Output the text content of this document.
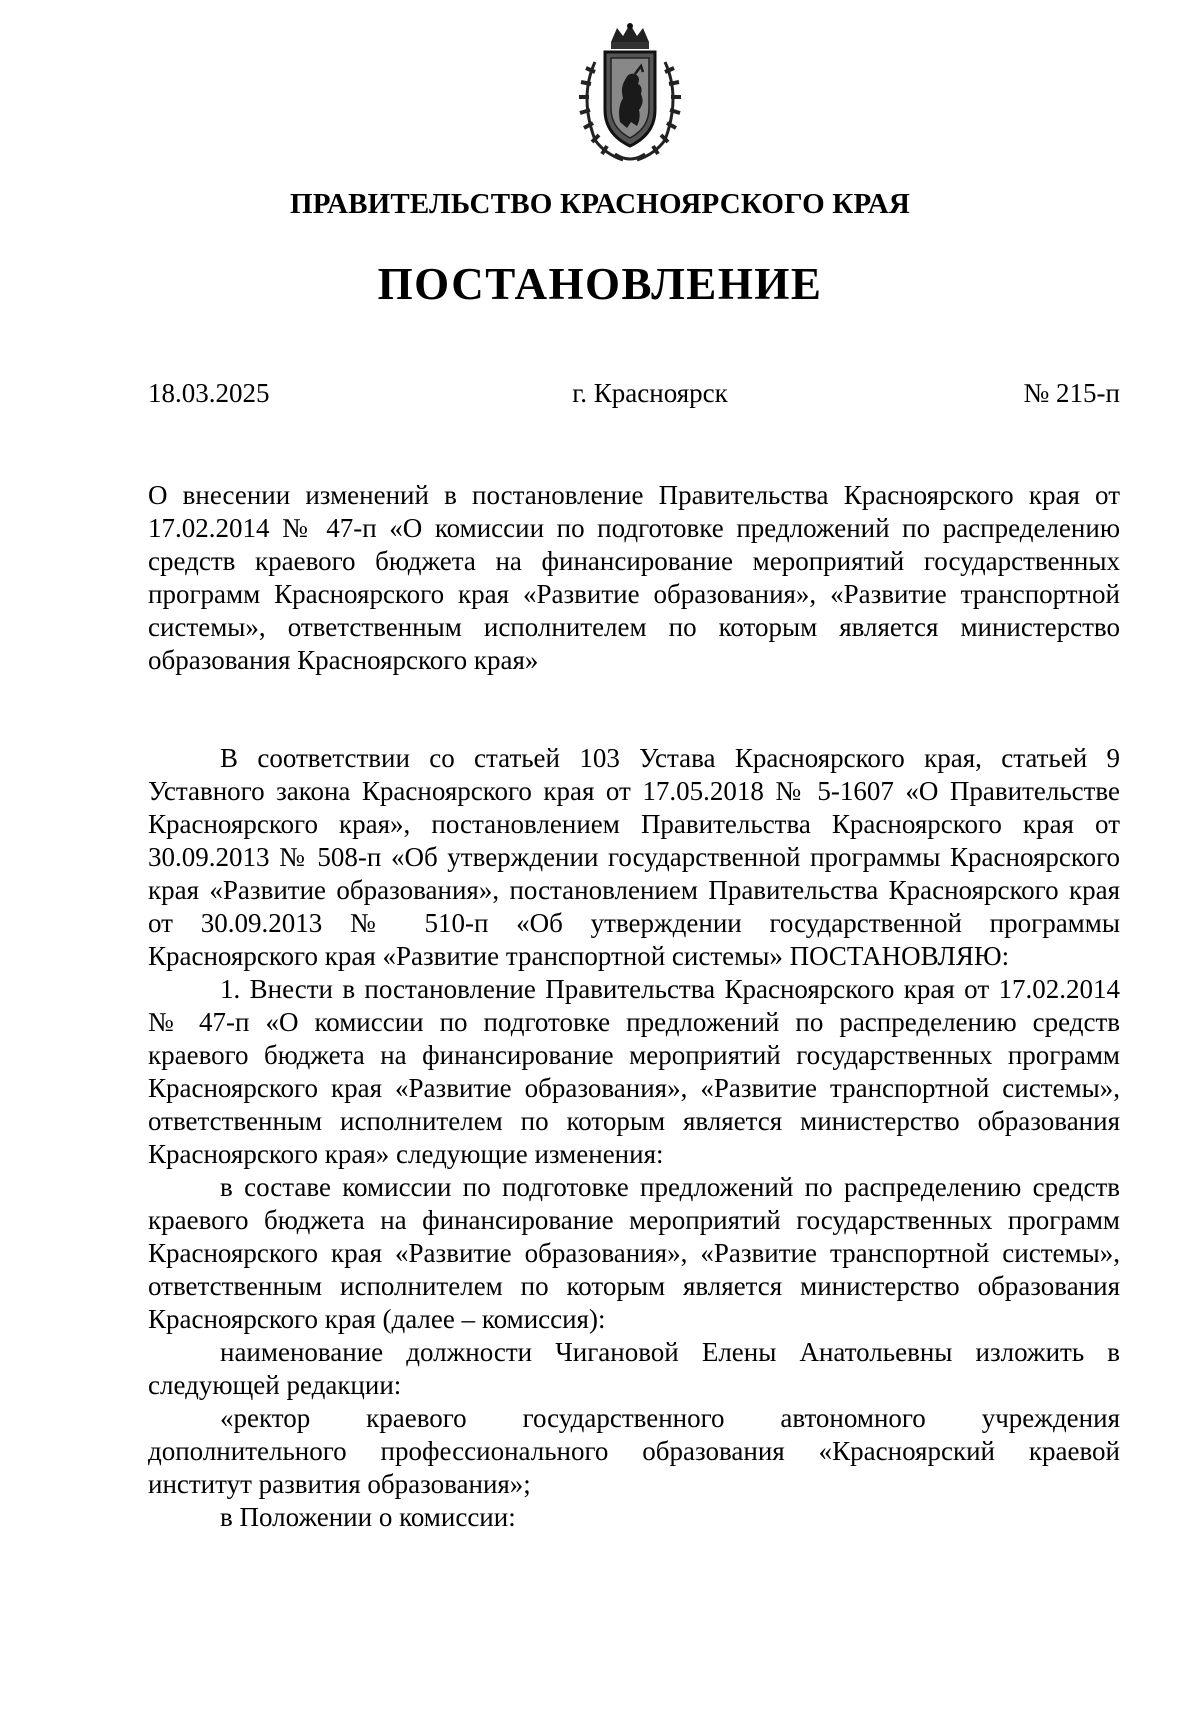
ПРАВИТЕЛЬСТВО КРАСНОЯРСКОГО КРАЯ
ПОСТАНОВЛЕНИЕ
18.03.2025	г. Красноярск	№ 215-п
О внесении изменений в постановление Правительства Красноярского края от 17.02.2014 № 47-п «О комиссии по подготовке предложений по распределению средств краевого бюджета на финансирование мероприятий государственных программ Красноярского края «Развитие образования», «Развитие транспортной системы», ответственным исполнителем по которым является министерство образования Красноярского края»

В соответствии со статьей 103 Устава Красноярского края, статьей 9 Уставного закона Красноярского края от 17.05.2018 № 5-1607 «О Правительстве Красноярского края», постановлением Правительства Красноярского края от 30.09.2013 № 508-п «Об утверждении государственной программы Красноярского края «Развитие образования», постановлением Правительства Красноярского края от 30.09.2013 № 510-п «Об утверждении государственной программы Красноярского края «Развитие транспортной системы» ПОСТАНОВЛЯЮ:

1. Внести в постановление Правительства Красноярского края от 17.02.2014 № 47-п «О комиссии по подготовке предложений по распределению средств краевого бюджета на финансирование мероприятий государственных программ Красноярского края «Развитие образования», «Развитие транспортной системы», ответственным исполнителем по которым является министерство образования Красноярского края» следующие изменения:

в составе комиссии по подготовке предложений по распределению средств краевого бюджета на финансирование мероприятий государственных программ Красноярского края «Развитие образования», «Развитие транспортной системы», ответственным исполнителем по которым является министерство образования Красноярского края (далее – комиссия):

наименование должности Чигановой Елены Анатольевны изложить в следующей редакции:

«ректор краевого государственного автономного учреждения дополнительного профессионального образования «Красноярский краевой институт развития образования»;

в Положении о комиссии:
